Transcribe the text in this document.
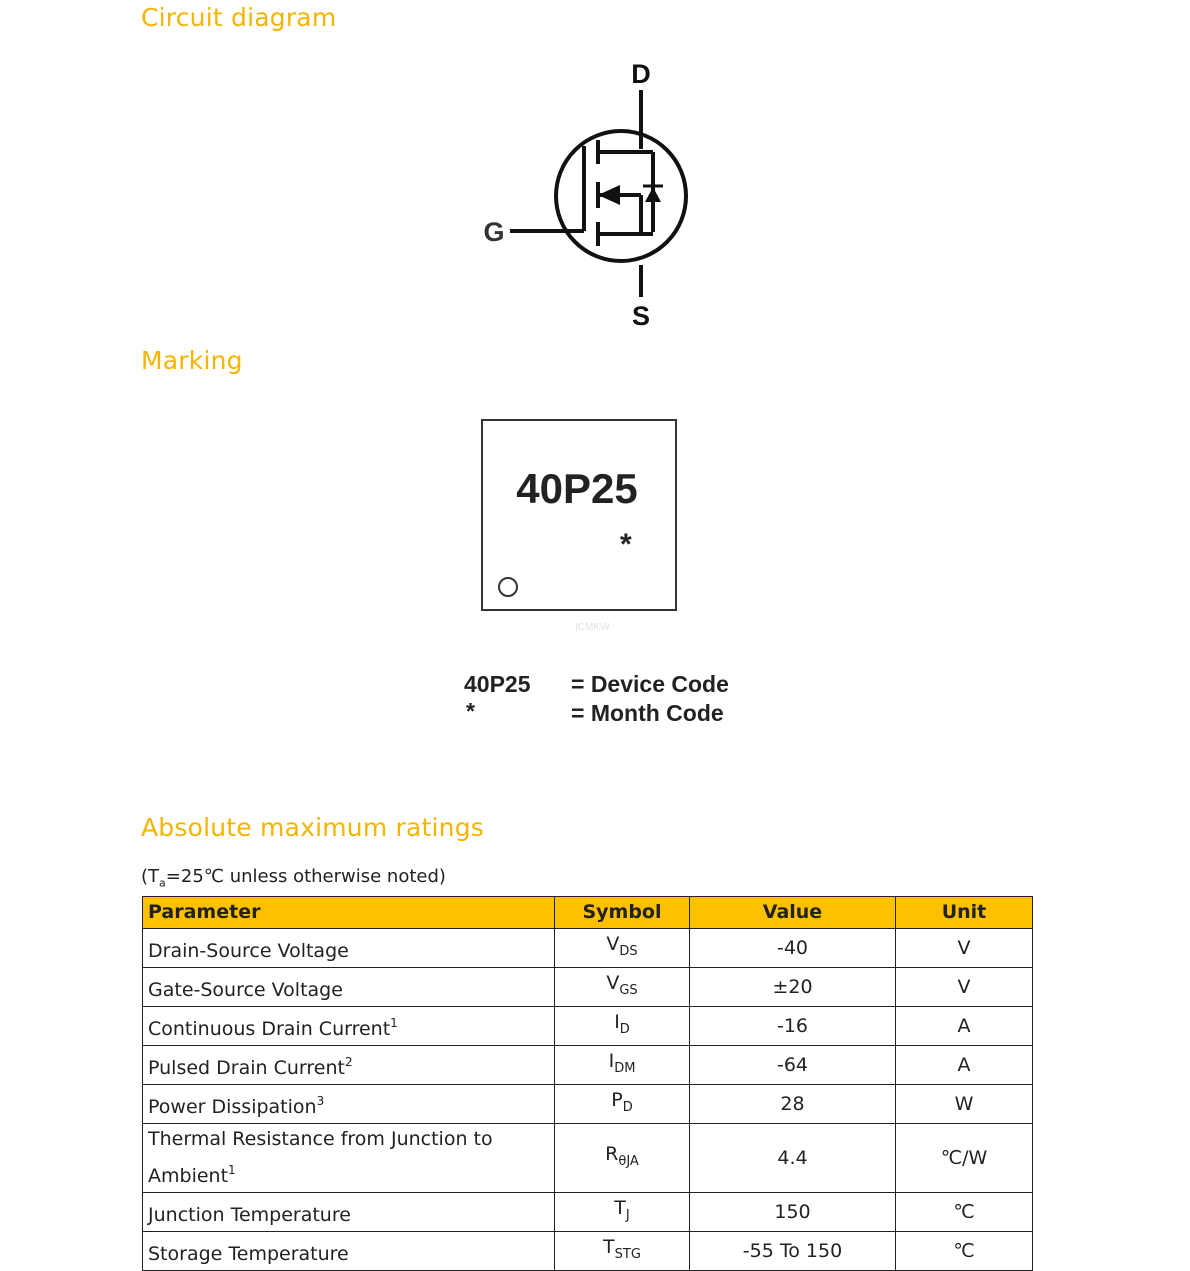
Circuit diagram
D
G
S
Marking
40P25
*
ICMKW
40P25 = Device Code
*	= Month Code
Absolute maximum ratings
($T_a=25℃$ unless otherwise noted)
Parameter	Symbol	Value	Unit
Drain-Source Voltage	$V_{DS}$	-40	V
Gate-Source Voltage	$V_{GS}$	±20	V
Continuous Drain Current$^1$	$I_D$	-16	A
Pulsed Drain Current$^2$	$I_{DM}$	-64	A
Power Dissipation$^3$	$P_D$	28	W
Thermal Resistance from Junction to Ambient$^1$	$R_{\theta JA}$	4.4	℃/W
Junction Temperature	$T_J$	150	℃
Storage Temperature	$T_{STG}$	-55 To 150	℃
